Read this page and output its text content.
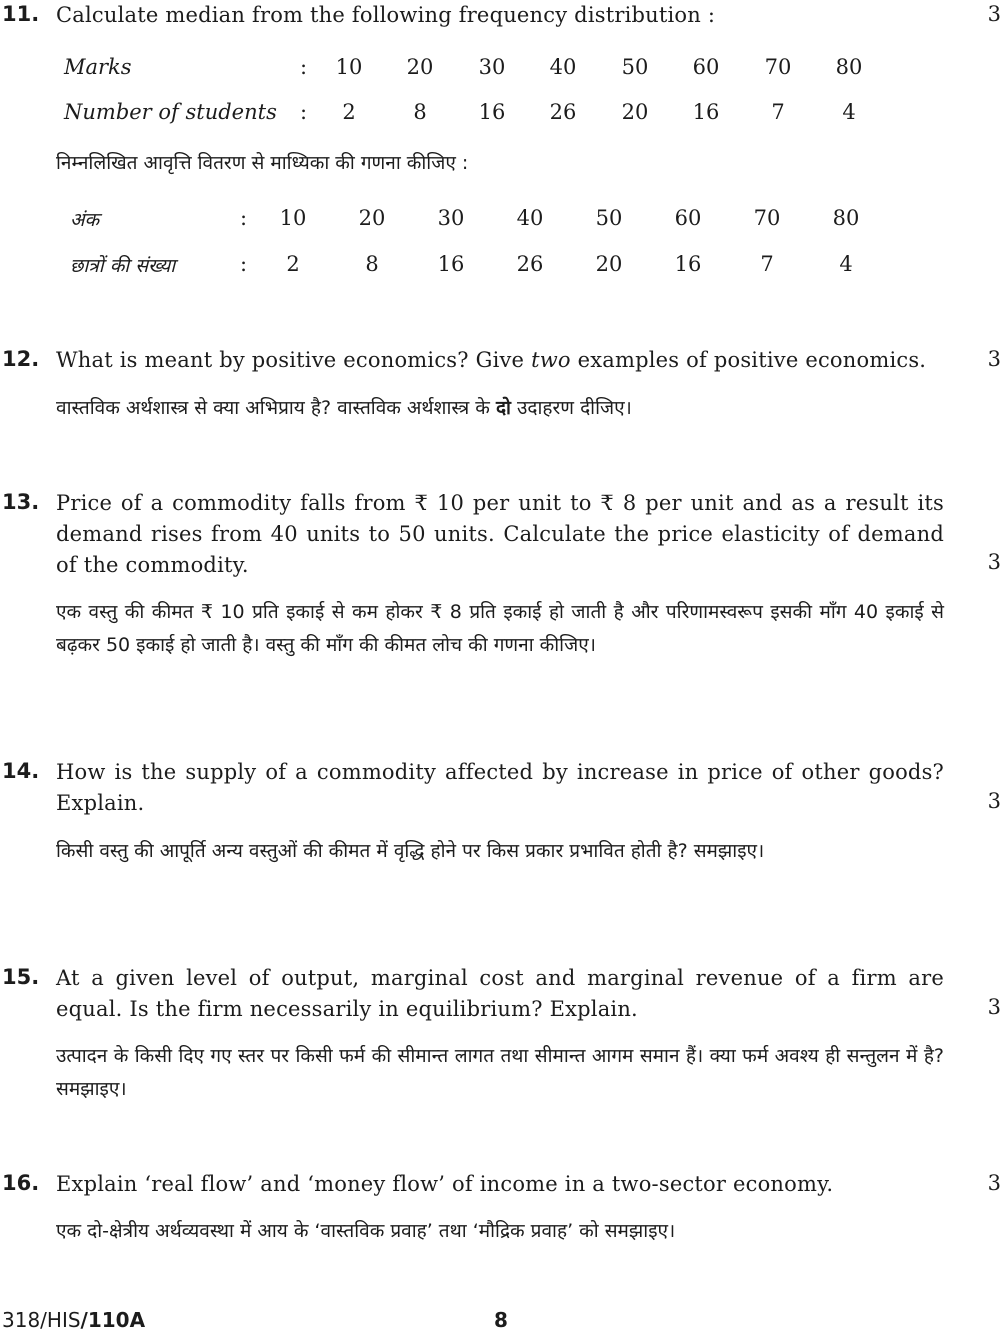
11. Calculate median from the following frequency distribution :	3
Marks	:	10	20	30	40	50	60	70	80
Number of students :	2	8	16	26	20	16	7	4
निम्नलिखित आवृत्ति वितरण से माध्यिका की गणना कीजिए :
अंक	:	10	20	30	40	50	60	70	80
छात्रों की संख्या	:	2	8	16	26	20	16	7	4
12. What is meant by positive economics? Give two examples of positive economics.	3
वास्तविक अर्थशास्त्र से क्या अभिप्राय है? वास्तविक अर्थशास्त्र के दो उदाहरण दीजिए।
13. Price of a commodity falls from ₹ 10 per unit to ₹ 8 per unit and as a result its demand rises from 40 units to 50 units. Calculate the price elasticity of demand of the commodity.	3
एक वस्तु की कीमत ₹ 10 प्रति इकाई से कम होकर ₹ 8 प्रति इकाई हो जाती है और परिणामस्वरूप इसकी माँग 40 इकाई से बढ़कर 50 इकाई हो जाती है। वस्तु की माँग की कीमत लोच की गणना कीजिए।
14. How is the supply of a commodity affected by increase in price of other goods? Explain.	3
किसी वस्तु की आपूर्ति अन्य वस्तुओं की कीमत में वृद्धि होने पर किस प्रकार प्रभावित होती है? समझाइए।
15. At a given level of output, marginal cost and marginal revenue of a firm are equal. Is the firm necessarily in equilibrium? Explain.	3
उत्पादन के किसी दिए गए स्तर पर किसी फर्म की सीमान्त लागत तथा सीमान्त आगम समान हैं। क्या फर्म अवश्य ही सन्तुलन में है? समझाइए।
16. Explain ‘real flow’ and ‘money flow’ of income in a two-sector economy.	3
एक दो-क्षेत्रीय अर्थव्यवस्था में आय के ‘वास्तविक प्रवाह’ तथा ‘मौद्रिक प्रवाह’ को समझाइए।
318/HIS/110A	8
